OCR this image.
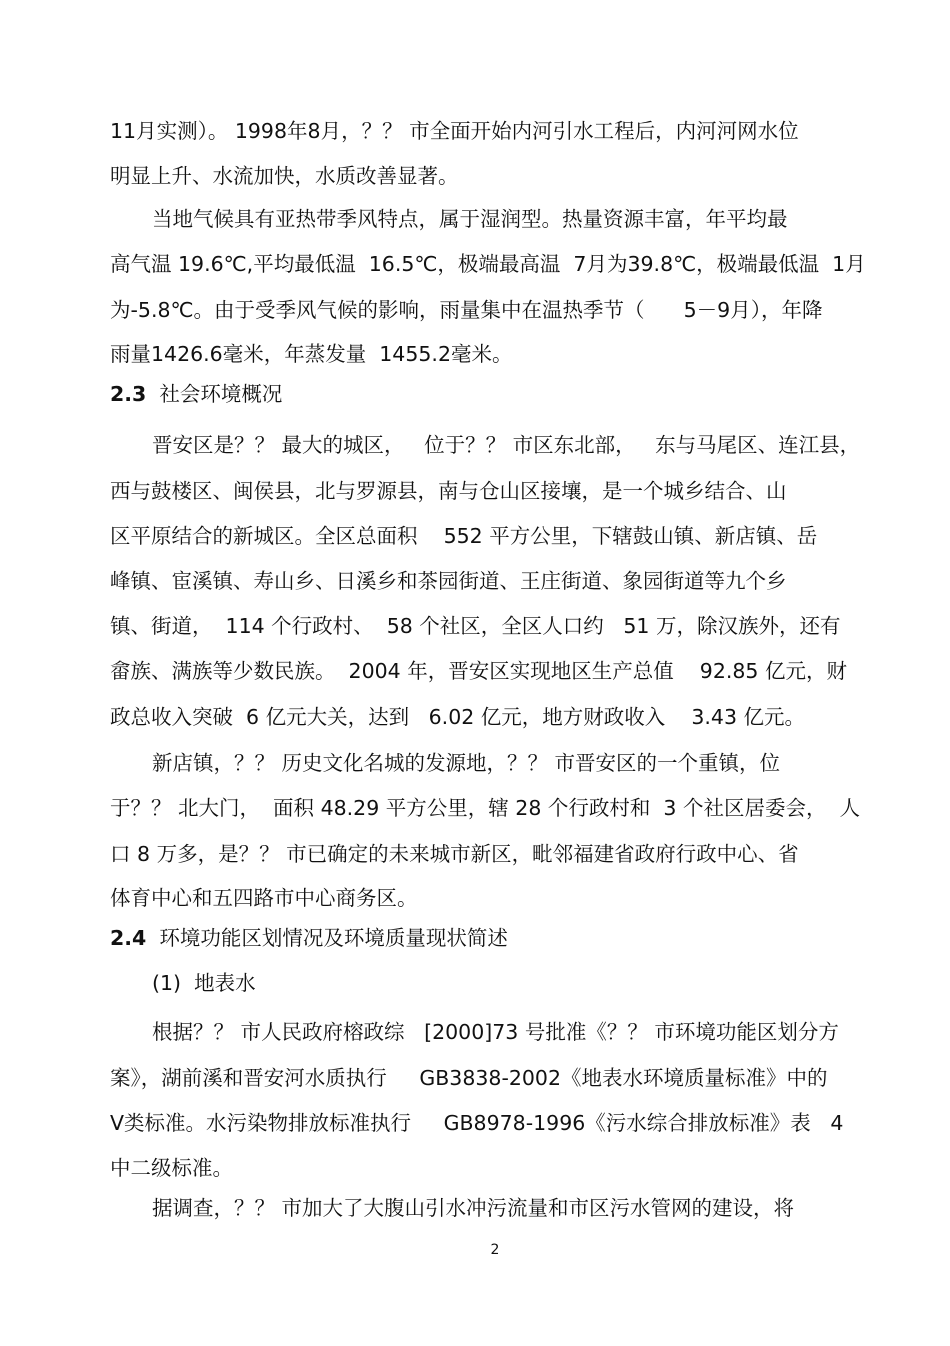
11月实测）。 1998年8月，？？ 市全面开始内河引水工程后，内河河网水位
明显上升、水流加快，水质改善显著。
当地气候具有亚热带季风特点，属于湿润型。热量资源丰富，年平均最
高气温 19.6℃,平均最低温  16.5℃，极端最高温  7月为39.8℃，极端最低温  1月
为-5.8℃。由于受季风气候的影响，雨量集中在温热季节（      5－9月），年降
雨量1426.6毫米，年蒸发量  1455.2毫米。
2.3 社会环境概况
晋安区是？？ 最大的城区，   位于？？ 市区东北部，   东与马尾区、连江县，
西与鼓楼区、闽侯县，北与罗源县，南与仓山区接壤，是一个城乡结合、山
区平原结合的新城区。全区总面积    552 平方公里，下辖鼓山镇、新店镇、岳
峰镇、宦溪镇、寿山乡、日溪乡和茶园街道、王庄街道、象园街道等九个乡
镇、街道，  114 个行政村、  58 个社区，全区人口约   51 万，除汉族外，还有
畲族、满族等少数民族。  2004 年，晋安区实现地区生产总值    92.85 亿元，财
政总收入突破  6 亿元大关，达到   6.02 亿元，地方财政收入    3.43 亿元。
新店镇，？？ 历史文化名城的发源地，？？ 市晋安区的一个重镇，位
于？？ 北大门，  面积 48.29 平方公里，辖 28 个行政村和  3 个社区居委会，  人
口 8 万多，是？？ 市已确定的未来城市新区，毗邻福建省政府行政中心、省
体育中心和五四路市中心商务区。
2.4 环境功能区划情况及环境质量现状简述
(1)  地表水
根据？？ 市人民政府榕政综   [2000]73 号批准《？？ 市环境功能区划分方
案》，湖前溪和晋安河水质执行     GB3838-2002《地表水环境质量标准》中的
Ⅴ类标准。水污染物排放标准执行     GB8978-1996《污水综合排放标准》表   4
中二级标准。
据调查，？？ 市加大了大腹山引水冲污流量和市区污水管网的建设，将
2
